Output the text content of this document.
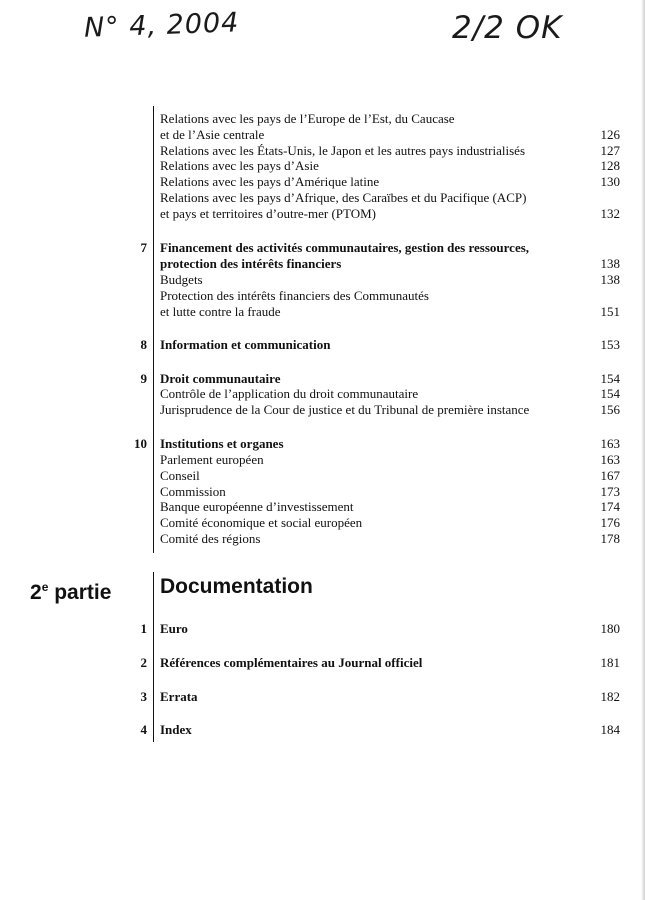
N° 4, 2004	2/2 OK
Relations avec les pays de l’Europe de l’Est, du Caucase
et de l’Asie centrale	126
Relations avec les États-Unis, le Japon et les autres pays industrialisés	127
Relations avec les pays d’Asie	128
Relations avec les pays d’Amérique latine	130
Relations avec les pays d’Afrique, des Caraïbes et du Pacifique (ACP)
et pays et territoires d’outre-mer (PTOM)	132
7 Financement des activités communautaires, gestion des ressources,
protection des intérêts financiers	138
Budgets	138
Protection des intérêts financiers des Communautés
et lutte contre la fraude	151
8 Information et communication	153
9 Droit communautaire	154
Contrôle de l’application du droit communautaire	154
Jurisprudence de la Cour de justice et du Tribunal de première instance	156
10 Institutions et organes	163
Parlement européen	163
Conseil	167
Commission	173
Banque européenne d’investissement	174
Comité économique et social européen	176
Comité des régions	178
2e partie Documentation
1 Euro	180
2 Références complémentaires au Journal officiel	181
3 Errata	182
4 Index	184
